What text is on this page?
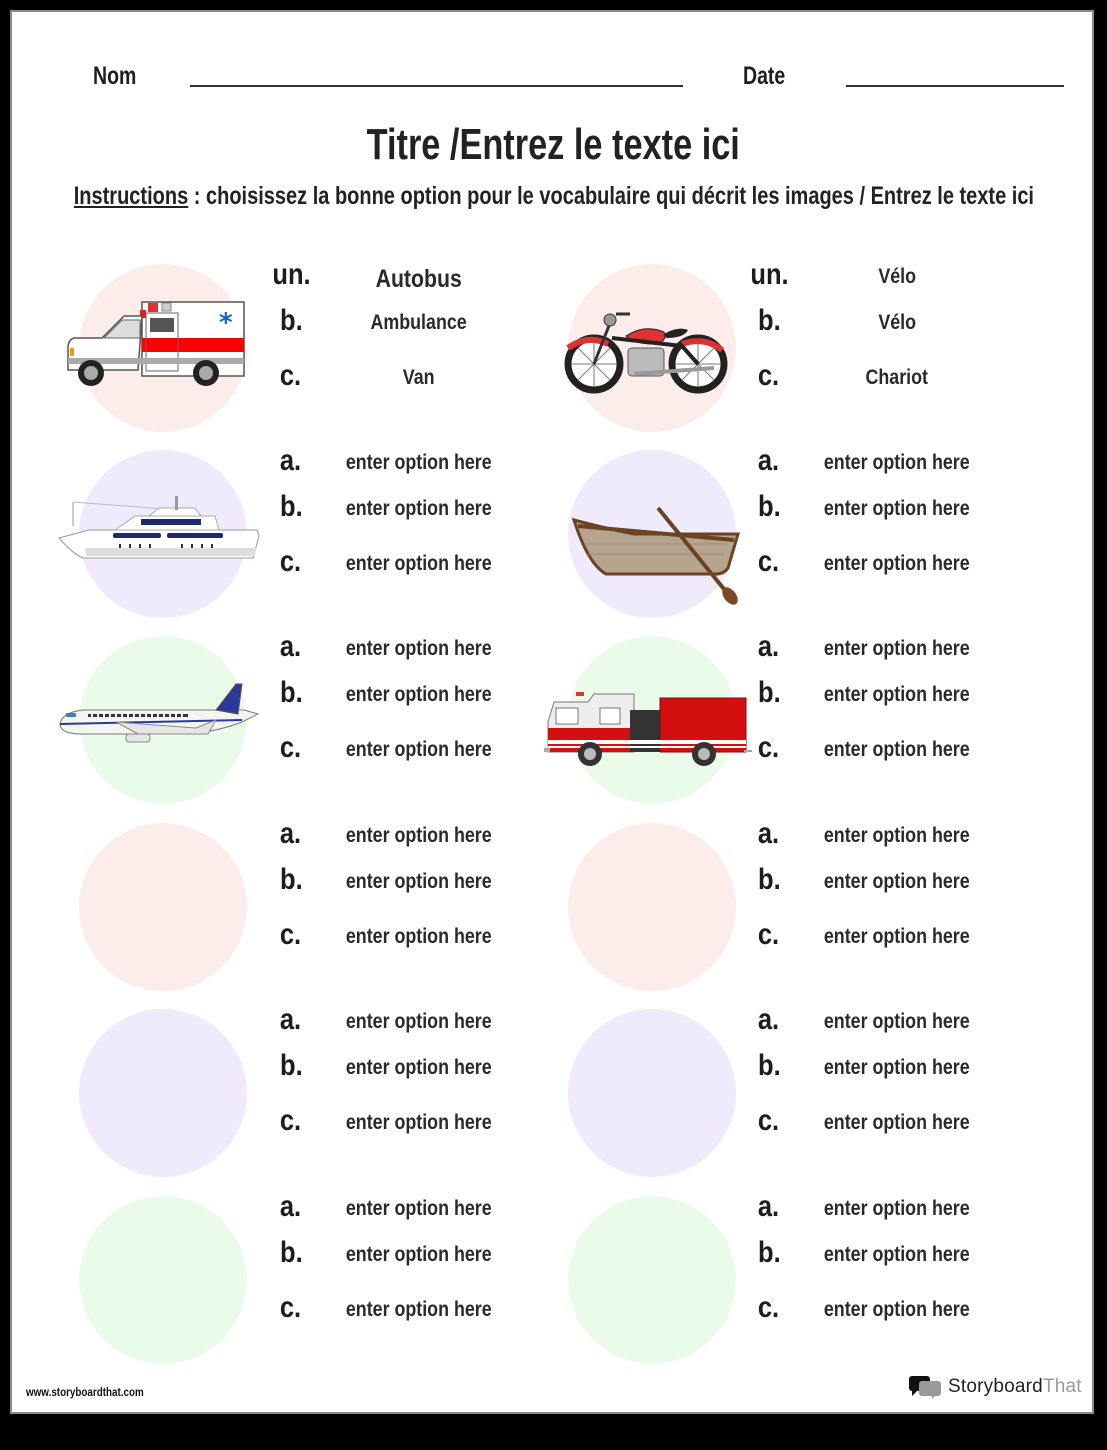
Nom	Date
Titre /Entrez le texte ici
Instructions : choisissez la bonne option pour le vocabulaire qui décrit les images / Entrez le texte ici
*
un.	Autobus
b.	Ambulance
c.	Van
un.	Vélo
b.	Vélo
c.	Chariot
a.	enter option here
b.	enter option here
c.	enter option here
a.	enter option here
b.	enter option here
c.	enter option here
a.	enter option here
b.	enter option here
c.	enter option here
a.	enter option here
b.	enter option here
c.	enter option here
a.	enter option here
b.	enter option here
c.	enter option here
a.	enter option here
b.	enter option here
c.	enter option here
a.	enter option here
b.	enter option here
c.	enter option here
a.	enter option here
b.	enter option here
c.	enter option here
a.	enter option here
b.	enter option here
c.	enter option here
a.	enter option here
b.	enter option here
c.	enter option here
www.storyboardthat.com	StoryboardThat
